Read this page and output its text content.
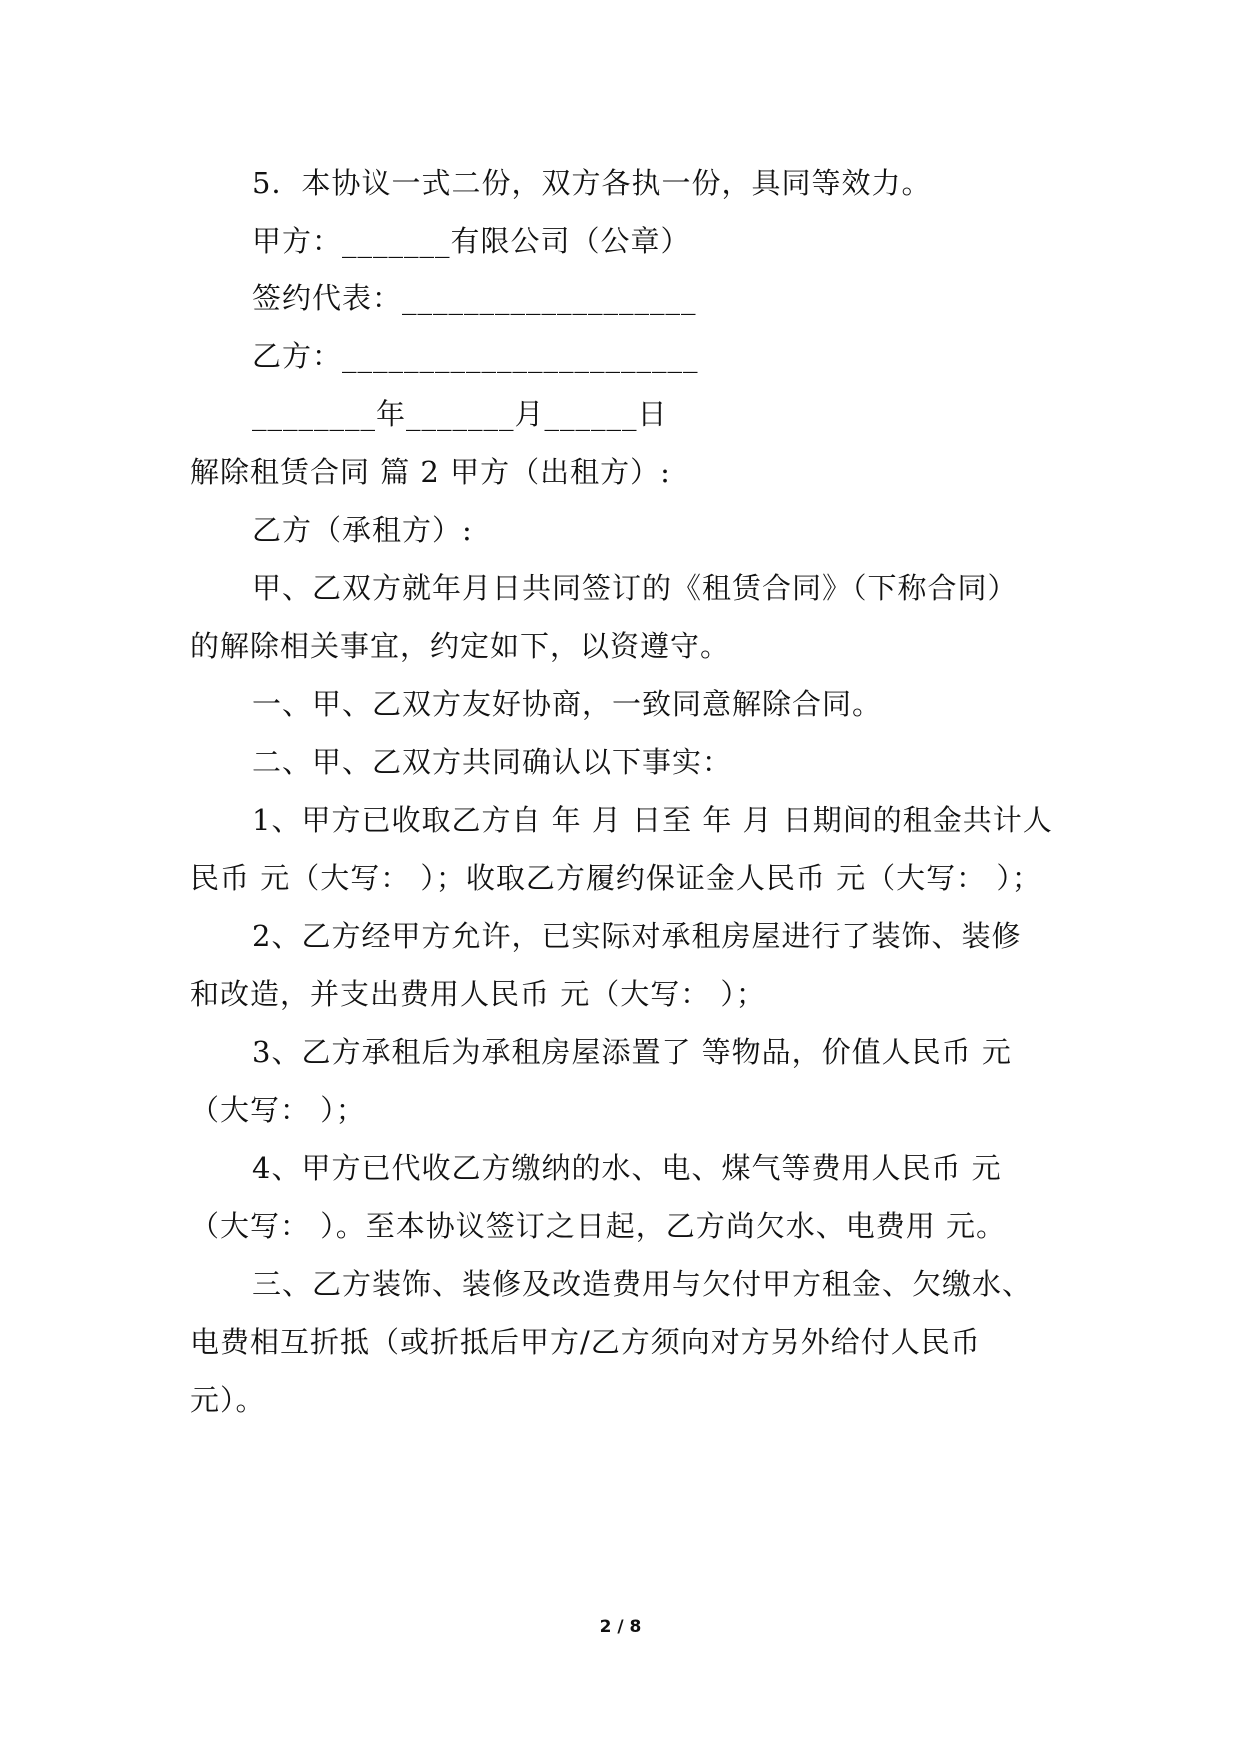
5．本协议一式二份，双方各执一份，具同等效力。
甲方：_______有限公司（公章）
签约代表：___________________
乙方：_______________________
________年_______月______日
解除租赁合同 篇 2 甲方（出租方）:
乙方（承租方）:
甲、乙双方就年月日共同签订的《租赁合同》（下称合同）
的解除相关事宜，约定如下，以资遵守。
一、甲、乙双方友好协商，一致同意解除合同。
二、甲、乙双方共同确认以下事实：
1、甲方已收取乙方自 年 月 日至 年 月 日期间的租金共计人
民币 元（大写： ）；收取乙方履约保证金人民币 元（大写： ）；
2、乙方经甲方允许，已实际对承租房屋进行了装饰、装修
和改造，并支出费用人民币 元（大写： ）；
3、乙方承租后为承租房屋添置了 等物品，价值人民币 元
（大写： ）；
4、甲方已代收乙方缴纳的水、电、煤气等费用人民币 元
（大写： ）。至本协议签订之日起，乙方尚欠水、电费用 元。
三、乙方装饰、装修及改造费用与欠付甲方租金、欠缴水、
电费相互折抵（或折抵后甲方/乙方须向对方另外给付人民币
元）。
2 / 8
